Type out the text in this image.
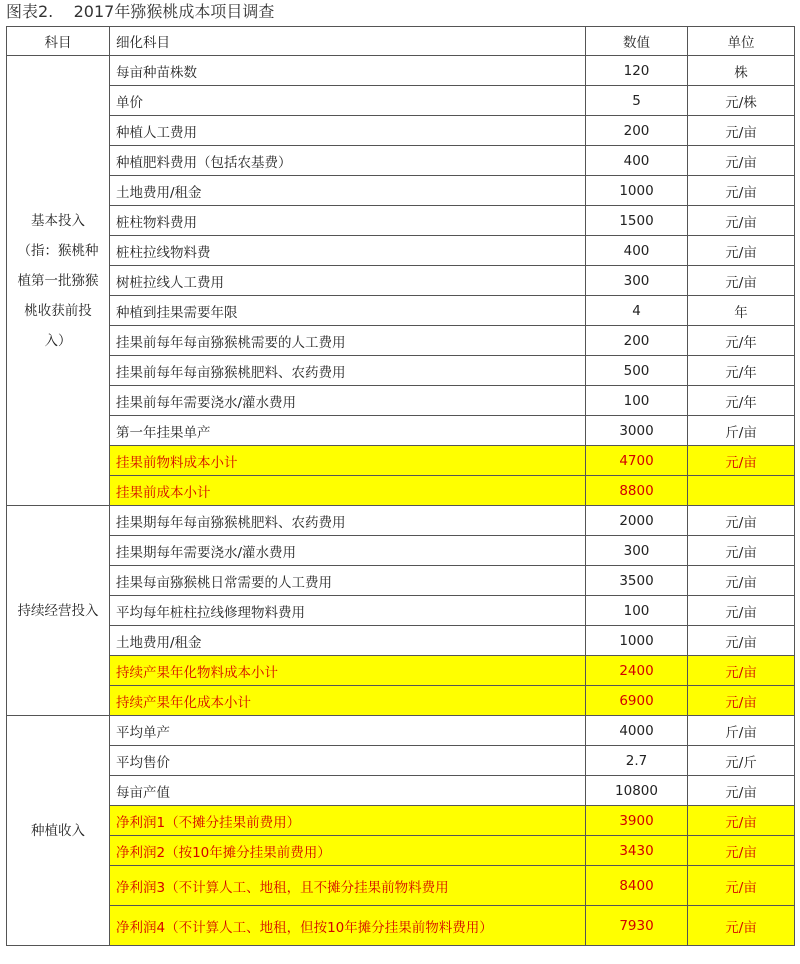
图表2.    2017年猕猴桃成本项目调查
科目	细化科目	数值	单位
基本投入（指：猴桃种植第一批猕猴桃收获前投入）	每亩种苗株数	120	株
	单价	5	元/株
	种植人工费用	200	元/亩
	种植肥料费用（包括农基费）	400	元/亩
	土地费用/租金	1000	元/亩
	桩柱物料费用	1500	元/亩
	桩柱拉线物料费	400	元/亩
	树桩拉线人工费用	300	元/亩
	种植到挂果需要年限	4	年
	挂果前每年每亩猕猴桃需要的人工费用	200	元/年
	挂果前每年每亩猕猴桃肥料、农药费用	500	元/年
	挂果前每年需要浇水/灌水费用	100	元/年
	第一年挂果单产	3000	斤/亩
	挂果前物料成本小计	4700	元/亩
	挂果前成本小计	8800	
持续经营投入	挂果期每年每亩猕猴桃肥料、农药费用	2000	元/亩
	挂果期每年需要浇水/灌水费用	300	元/亩
	挂果每亩猕猴桃日常需要的人工费用	3500	元/亩
	平均每年桩柱拉线修理物料费用	100	元/亩
	土地费用/租金	1000	元/亩
	持续产果年化物料成本小计	2400	元/亩
	持续产果年化成本小计	6900	元/亩
种植收入	平均单产	4000	斤/亩
	平均售价	2.7	元/斤
	每亩产值	10800	元/亩
	净利润1（不摊分挂果前费用）	3900	元/亩
	净利润2（按10年摊分挂果前费用）	3430	元/亩
	净利润3（不计算人工、地租，且不摊分挂果前物料费用	8400	元/亩
	净利润4（不计算人工、地租，但按10年摊分挂果前物料费用）	7930	元/亩
